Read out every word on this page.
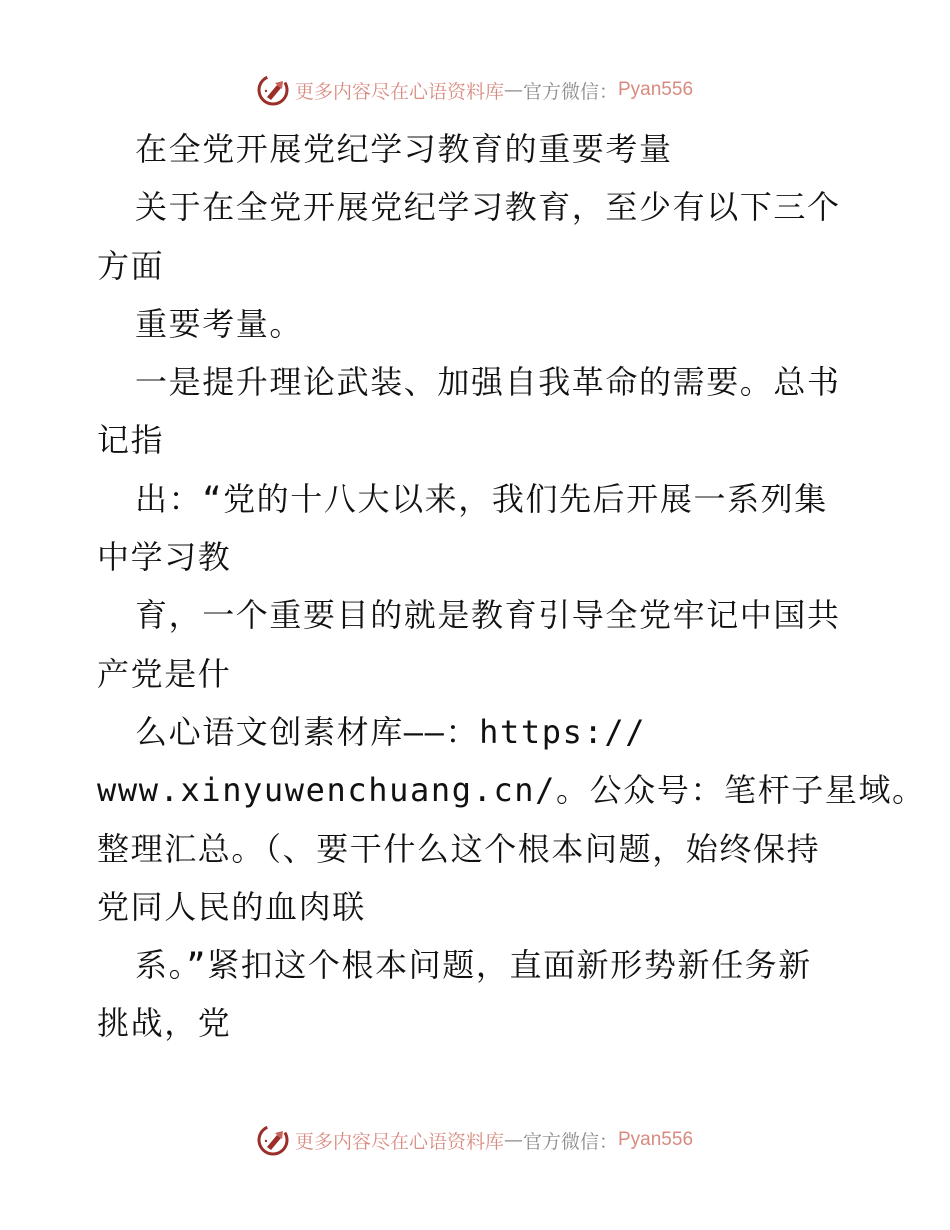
更多内容尽在心语资料库 — 官方微信： Pyan556
在全党开展党纪学习教育的重要考量
关于在全党开展党纪学习教育，至少有以下三个
方面
重要考量。
一是提升理论武装、加强自我革命的需要。总书
记指
出：“党的十八大以来，我们先后开展一系列集
中学习教
育，一个重要目的就是教育引导全党牢记中国共
产党是什
么心语文创素材库——：https://
www.xinyuwenchuang.cn/。公众号：笔杆子星域。
整理汇总。（、要干什么这个根本问题，始终保持
党同人民的血肉联
系。”紧扣这个根本问题，直面新形势新任务新
挑战，党
更多内容尽在心语资料库 — 官方微信： Pyan556
